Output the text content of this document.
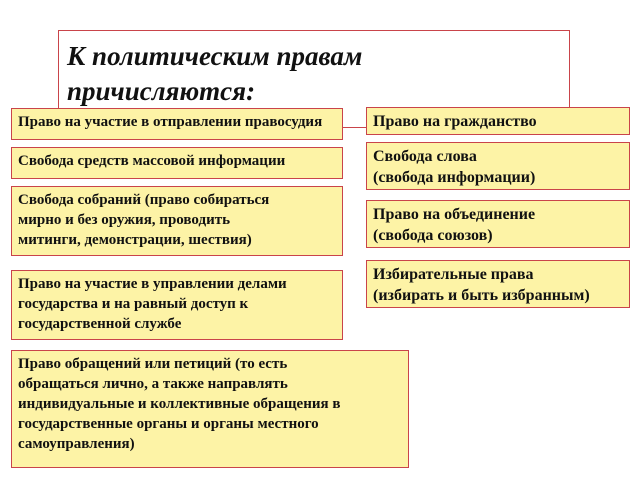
К политическим правам
причисляются:
Право на участие в отправлении правосудия
Свобода средств массовой информации
Свобода собраний (право собираться
мирно и без оружия, проводить
митинги, демонстрации, шествия)
Право на участие в управлении делами
государства и на равный доступ к
государственной службе
Право обращений или петиций (то есть
обращаться лично, а также направлять
индивидуальные и коллективные обращения в
государственные органы и органы местного
самоуправления)
Право на гражданство
Свобода слова
(свобода информации)
Право на объединение
(свобода союзов)
Избирательные права
(избирать и быть избранным)
